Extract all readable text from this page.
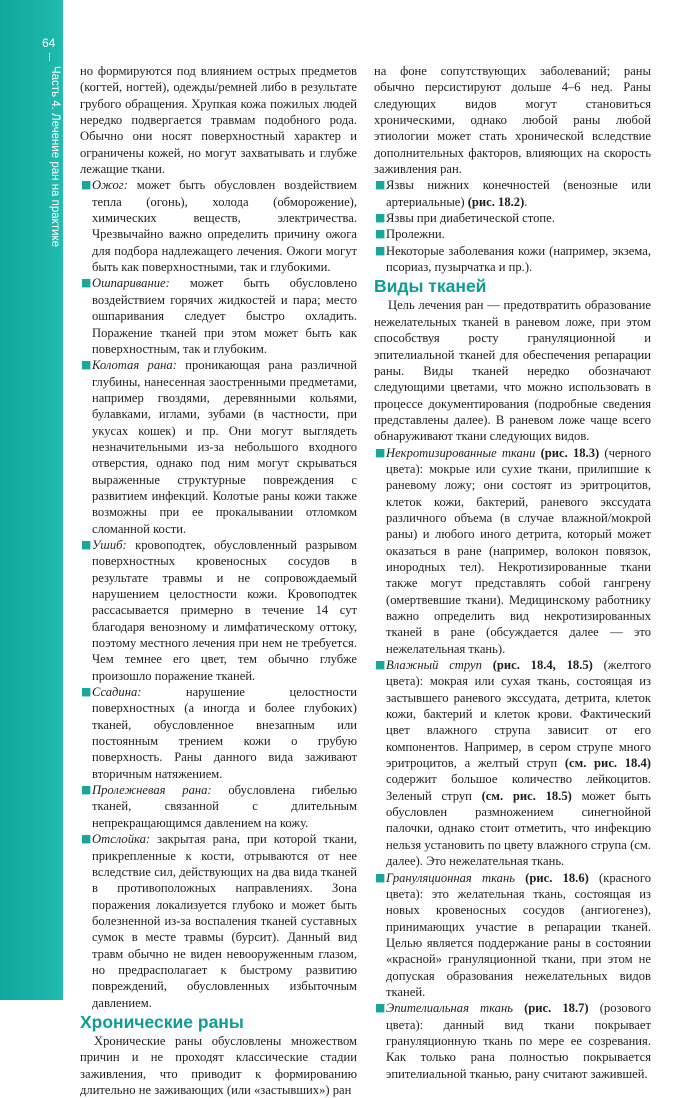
64
Часть 4. Лечение ран на практике но формируются под влиянием острых предметов (когтей, ногтей), одежды/ремней либо в результате грубого обращения. Хрупкая кожа пожилых людей нередко подвергается травмам подобного рода. Обычно они носят поверхностный характер и ограничены кожей, но могут захватывать и глубже лежащие ткани.

■ Ожог: может быть обусловлен воздействием тепла (огонь), холода (обморожение), химических веществ, электричества. Чрезвычайно важно определить причину ожога для подбора надлежащего лечения. Ожоги могут быть как поверхностными, так и глубокими.
■ Ошпаривание: может быть обусловлено воздействием горячих жидкостей и пара; место ошпаривания следует быстро охладить. Поражение тканей при этом может быть как поверхностным, так и глубоким.
■ Колотая рана: проникающая рана различной глубины, нанесенная заостренными предметами, например гвоздями, деревянными кольями, булавками, иглами, зубами (в частности, при укусах кошек) и пр. Они могут выглядеть незначительными из-за небольшого входного отверстия, однако под ним могут скрываться выраженные структурные повреждения с развитием инфекций. Колотые раны кожи также возможны при ее прокалывании отломком сломанной кости.
■ Ушиб: кровоподтек, обусловленный разрывом поверхностных кровеносных сосудов в результате травмы и не сопровождаемый нарушением целостности кожи. Кровоподтек рассасывается примерно в течение 14 сут благодаря венозному и лимфатическому оттоку, поэтому местного лечения при нем не требуется. Чем темнее его цвет, тем обычно глубже произошло поражение тканей.
■ Ссадина: нарушение целостности поверхностных (а иногда и более глубоких) тканей, обусловленное внезапным или постоянным трением кожи о грубую поверхность. Раны данного вида заживают вторичным натяжением.
■ Пролежневая рана: обусловлена гибелью тканей, связанной с длительным непрекращающимся давлением на кожу.
■ Отслойка: закрытая рана, при которой ткани, прикрепленные к кости, отрываются от нее вследствие сил, действующих на два вида тканей в противоположных направлениях. Зона поражения локализуется глубоко и может быть болезненной из-за воспаления тканей суставных сумок в месте травмы (бурсит). Данный вид травм обычно не виден невооруженным глазом, но предрасполагает к быстрому развитию повреждений, обусловленных избыточным давлением.
Хронические раны

Хронические раны обусловлены множеством причин и не проходят классические стадии заживления, что приводит к формированию длительно не заживающих (или «застывших») ран

на фоне сопутствующих заболеваний; раны обычно персистируют дольше 4–6 нед. Раны следующих видов могут становиться хроническими, однако любой раны любой этиологии может стать хронической вследствие дополнительных факторов, влияющих на скорость заживления ран.

■ Язвы нижних конечностей (венозные или артериальные) (рис. 18.2).
■ Язвы при диабетической стопе.
■ Пролежни.
■ Некоторые заболевания кожи (например, экзема, псориаз, пузырчатка и пр.).
Виды тканей

Цель лечения ран — предотвратить образование нежелательных тканей в раневом ложе, при этом способствуя росту грануляционной и эпителиальной тканей для обеспечения репарации раны. Виды тканей нередко обозначают следующими цветами, что можно использовать в процессе документирования (подробные сведения представлены далее). В раневом ложе чаще всего обнаруживают ткани следующих видов.

■ Некротизированные ткани (рис. 18.3) (черного цвета): мокрые или сухие ткани, прилипшие к раневому ложу; они состоят из эритроцитов, клеток кожи, бактерий, раневого экссудата различного объема (в случае влажной/мокрой раны) и любого иного детрита, который может оказаться в ране (например, волокон повязок, инородных тел). Некротизированные ткани также могут представлять собой гангрену (омертвевшие ткани). Медицинскому работнику важно определить вид некротизированных тканей в ране (обсуждается далее — это нежелательная ткань).
■ Влажный струп (рис. 18.4, 18.5) (желтого цвета): мокрая или сухая ткань, состоящая из застывшего раневого экссудата, детрита, клеток кожи, бактерий и клеток крови. Фактический цвет влажного струпа зависит от его компонентов. Например, в сером струпе много эритроцитов, а желтый струп (см. рис. 18.4) содержит большое количество лейкоцитов. Зеленый струп (см. рис. 18.5) может быть обусловлен размножением синегнойной палочки, однако стоит отметить, что инфекцию нельзя установить по цвету влажного струпа (см. далее). Это нежелательная ткань.
■ Грануляционная ткань (рис. 18.6) (красного цвета): это желательная ткань, состоящая из новых кровеносных сосудов (ангиогенез), принимающих участие в репарации тканей. Целью является поддержание раны в состоянии «красной» грануляционной ткани, при этом не допуская образования нежелательных видов тканей.
■ Эпителиальная ткань (рис. 18.7) (розового цвета): данный вид ткани покрывает грануляционную ткань по мере ее созревания. Как только рана полностью покрывается эпителиальной тканью, рану считают зажившей.
